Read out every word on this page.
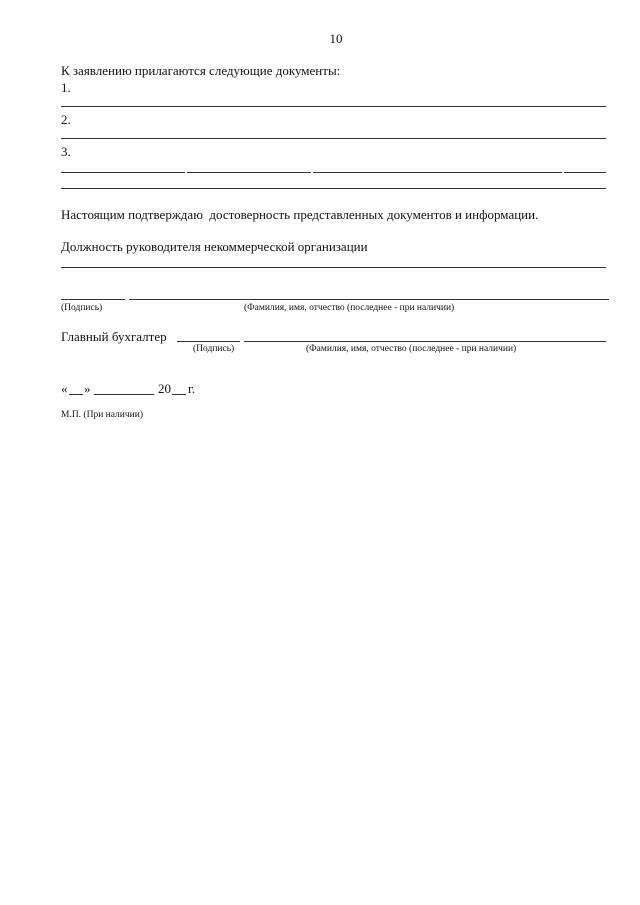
10
К заявлению прилагаются следующие документы:
1.
2.
3.
Настоящим подтверждаю  достоверность представленных документов и информации.
Должность руководителя некоммерческой организации
(Подпись)	(Фамилия, имя, отчество (последнее - при наличии)
Главный бухгалтер
(Подпись)	(Фамилия, имя, отчество (последнее - при наличии)
« »	20 г.
М.П. (При наличии)
